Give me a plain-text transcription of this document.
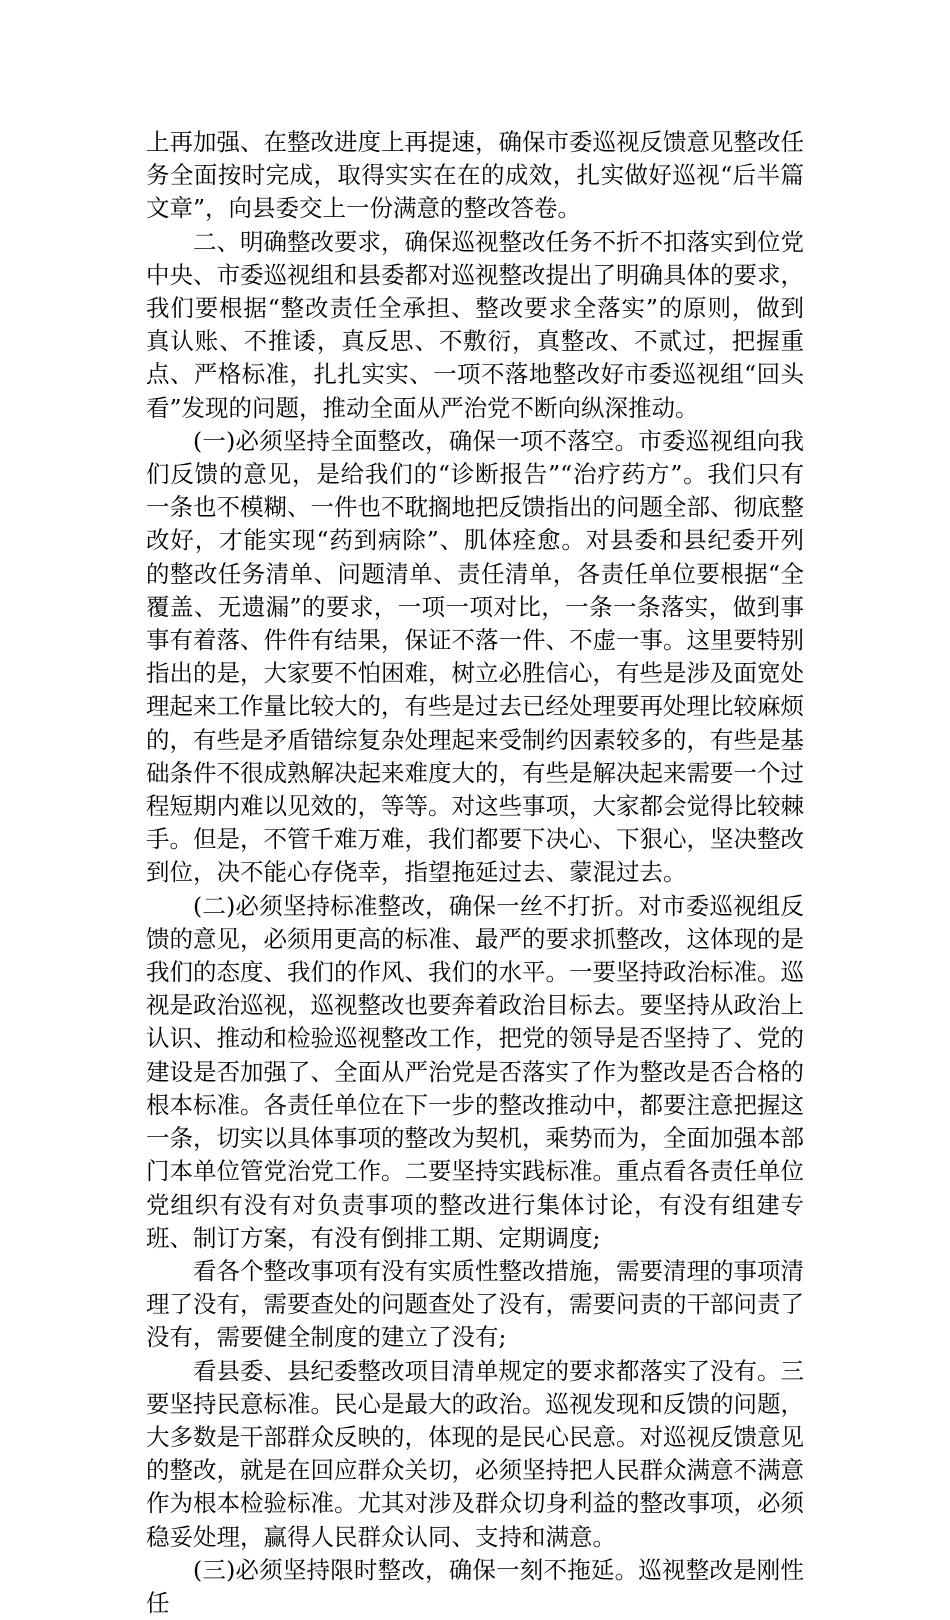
上再加强、在整改进度上再提速，确保市委巡视反馈意见整改任务全面按时完成，取得实实在在的成效，扎实做好巡视“后半篇文章”，向县委交上一份满意的整改答卷。

二、明确整改要求，确保巡视整改任务不折不扣落实到位党中央、市委巡视组和县委都对巡视整改提出了明确具体的要求，我们要根据“整改责任全承担、整改要求全落实”的原则，做到真认账、不推诿，真反思、不敷衍，真整改、不贰过，把握重点、严格标准，扎扎实实、一项不落地整改好市委巡视组“回头看”发现的问题，推动全面从严治党不断向纵深推动。

(一)必须坚持全面整改，确保一项不落空。市委巡视组向我们反馈的意见，是给我们的“诊断报告”“治疗药方”。我们只有一条也不模糊、一件也不耽搁地把反馈指出的问题全部、彻底整改好，才能实现“药到病除”、肌体痊愈。对县委和县纪委开列的整改任务清单、问题清单、责任清单，各责任单位要根据“全覆盖、无遗漏”的要求，一项一项对比，一条一条落实，做到事事有着落、件件有结果，保证不落一件、不虚一事。这里要特别指出的是，大家要不怕困难，树立必胜信心，有些是涉及面宽处理起来工作量比较大的，有些是过去已经处理要再处理比较麻烦的，有些是矛盾错综复杂处理起来受制约因素较多的，有些是基础条件不很成熟解决起来难度大的，有些是解决起来需要一个过程短期内难以见效的，等等。对这些事项，大家都会觉得比较棘手。但是，不管千难万难，我们都要下决心、下狠心，坚决整改到位，决不能心存侥幸，指望拖延过去、蒙混过去。

(二)必须坚持标准整改，确保一丝不打折。对市委巡视组反馈的意见，必须用更高的标准、最严的要求抓整改，这体现的是我们的态度、我们的作风、我们的水平。一要坚持政治标准。巡视是政治巡视，巡视整改也要奔着政治目标去。要坚持从政治上认识、推动和检验巡视整改工作，把党的领导是否坚持了、党的建设是否加强了、全面从严治党是否落实了作为整改是否合格的根本标准。各责任单位在下一步的整改推动中，都要注意把握这一条，切实以具体事项的整改为契机，乘势而为，全面加强本部门本单位管党治党工作。二要坚持实践标准。重点看各责任单位党组织有没有对负责事项的整改进行集体讨论，有没有组建专班、制订方案，有没有倒排工期、定期调度;

看各个整改事项有没有实质性整改措施，需要清理的事项清理了没有，需要查处的问题查处了没有，需要问责的干部问责了没有，需要健全制度的建立了没有;

看县委、县纪委整改项目清单规定的要求都落实了没有。三要坚持民意标准。民心是最大的政治。巡视发现和反馈的问题，大多数是干部群众反映的，体现的是民心民意。对巡视反馈意见的整改，就是在回应群众关切，必须坚持把人民群众满意不满意作为根本检验标准。尤其对涉及群众切身利益的整改事项，必须稳妥处理，赢得人民群众认同、支持和满意。

(三)必须坚持限时整改，确保一刻不拖延。巡视整改是刚性任
